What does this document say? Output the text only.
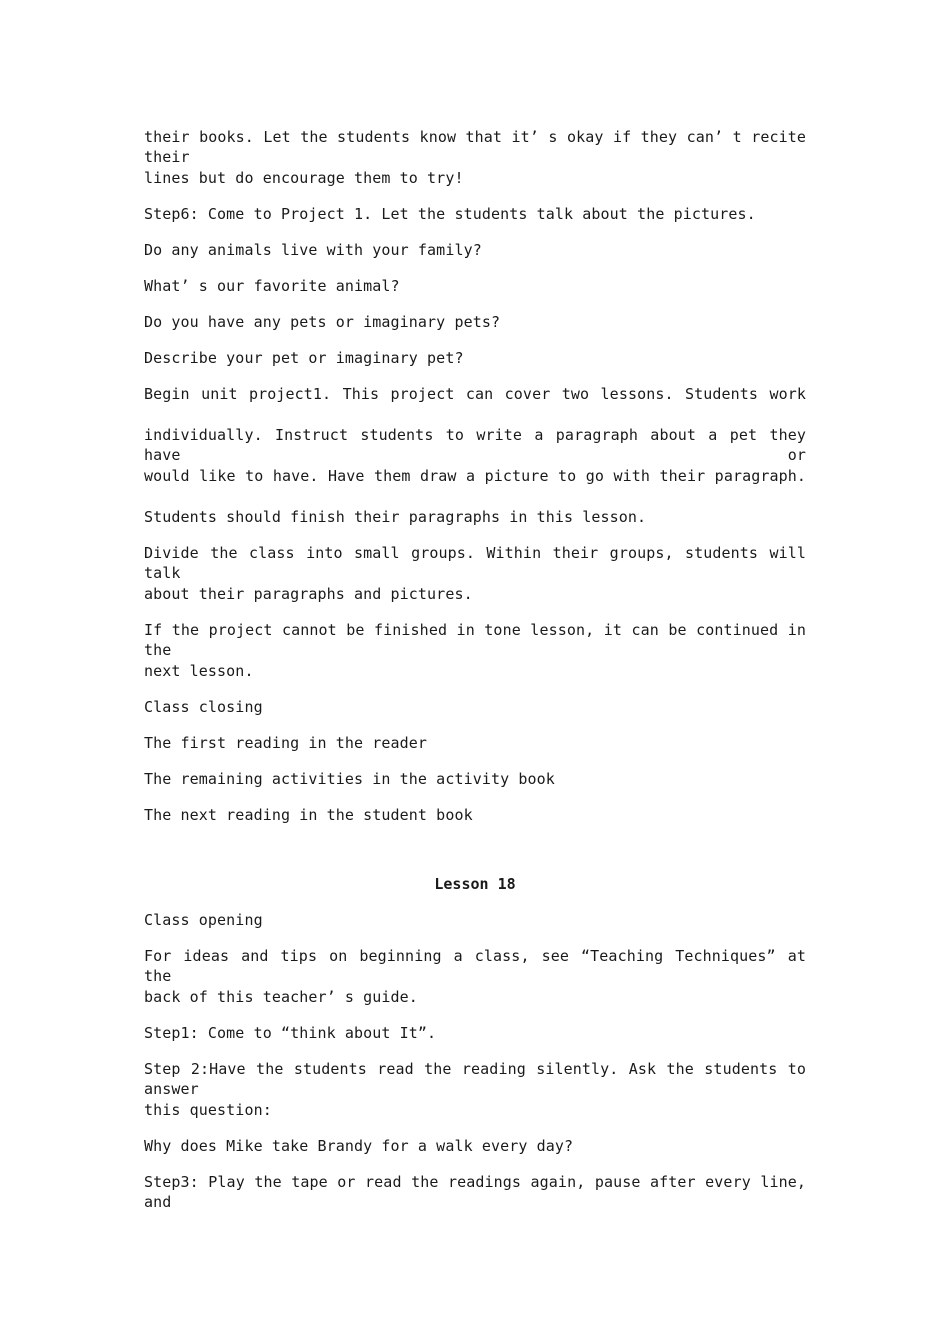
their books. Let the students know that it’ s okay if they can’ t recite their
lines but do encourage them to try!
Step6: Come to Project 1. Let the students talk about the pictures.
Do any animals live with your family?
What’ s our favorite animal?
Do you have any pets or imaginary pets?
Describe your pet or imaginary pet?
Begin unit project1. This project can cover two lessons. Students work
individually. Instruct students to write a paragraph about a pet they have or
would like to have. Have them draw a picture to go with their paragraph.
Students should finish their paragraphs in this lesson.
Divide the class into small groups. Within their groups, students will talk
about their paragraphs and pictures.
If the project cannot be finished in tone lesson, it can be continued in the
next lesson.
Class closing
The first reading in the reader
The remaining activities in the activity book
The next reading in the student book
Lesson 18
Class opening
For ideas and tips on beginning a class, see “Teaching Techniques” at the
back of this teacher’ s guide.
Step1: Come to “think about It”.
Step 2:Have the students read the reading silently. Ask the students to answer
this question:
Why does Mike take Brandy for a walk every day?
Step3: Play the tape or read the readings again, pause after every line, and
